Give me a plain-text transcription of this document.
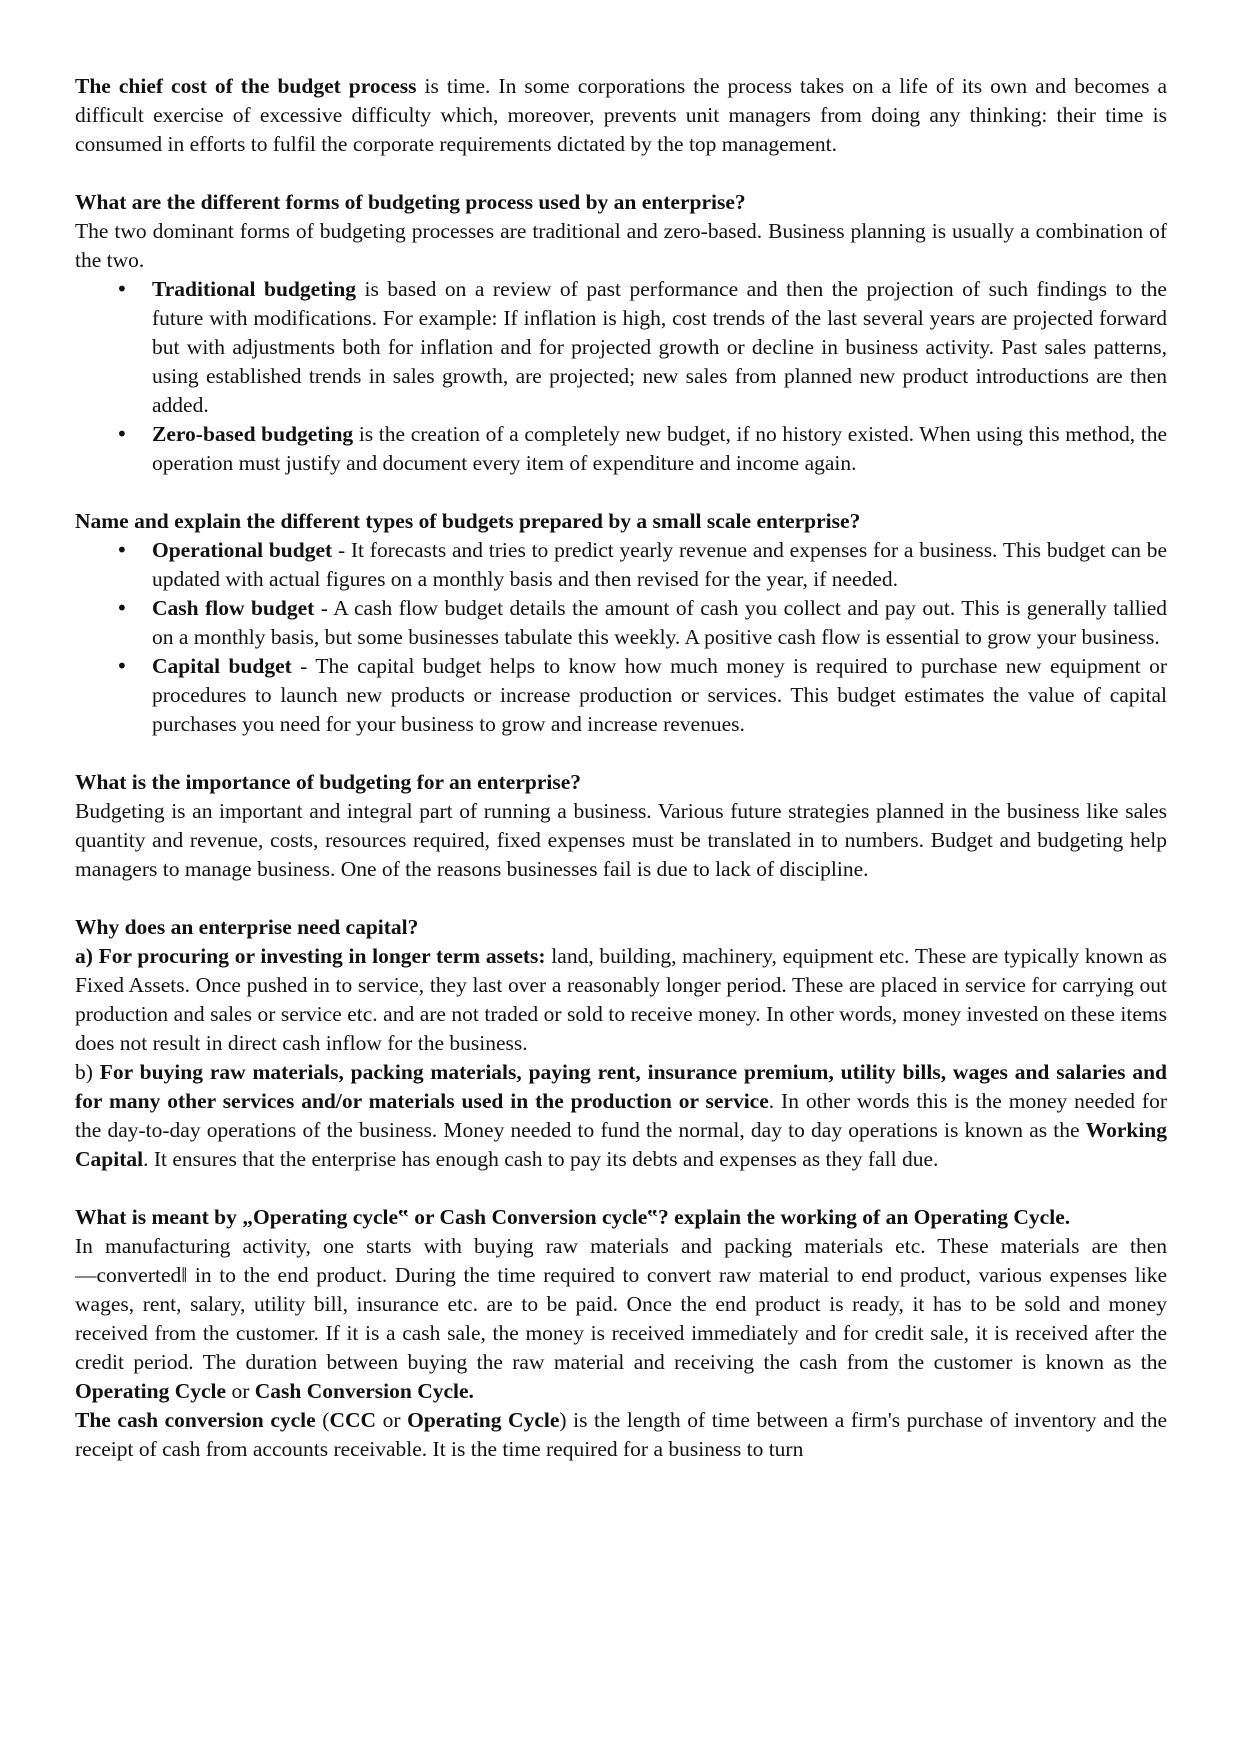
The chief cost of the budget process is time. In some corporations the process takes on a life of its own and becomes a difficult exercise of excessive difficulty which, moreover, prevents unit managers from doing any thinking: their time is consumed in efforts to fulfil the corporate requirements dictated by the top management.

What are the different forms of budgeting process used by an enterprise?

The two dominant forms of budgeting processes are traditional and zero-based. Business planning is usually a combination of the two.

• Traditional budgeting is based on a review of past performance and then the projection of such findings to the future with modifications. For example: If inflation is high, cost trends of the last several years are projected forward but with adjustments both for inflation and for projected growth or decline in business activity. Past sales patterns, using established trends in sales growth, are projected; new sales from planned new product introductions are then added.
• Zero-based budgeting is the creation of a completely new budget, if no history existed. When using this method, the operation must justify and document every item of expenditure and income again.

Name and explain the different types of budgets prepared by a small scale enterprise?

• Operational budget - It forecasts and tries to predict yearly revenue and expenses for a business. This budget can be updated with actual figures on a monthly basis and then revised for the year, if needed.
• Cash flow budget - A cash flow budget details the amount of cash you collect and pay out. This is generally tallied on a monthly basis, but some businesses tabulate this weekly. A positive cash flow is essential to grow your business.
• Capital budget - The capital budget helps to know how much money is required to purchase new equipment or procedures to launch new products or increase production or services. This budget estimates the value of capital purchases you need for your business to grow and increase revenues.

What is the importance of budgeting for an enterprise?

Budgeting is an important and integral part of running a business. Various future strategies planned in the business like sales quantity and revenue, costs, resources required, fixed expenses must be translated in to numbers. Budget and budgeting help managers to manage business. One of the reasons businesses fail is due to lack of discipline.

Why does an enterprise need capital?

a) For procuring or investing in longer term assets: land, building, machinery, equipment etc. These are typically known as Fixed Assets. Once pushed in to service, they last over a reasonably longer period. These are placed in service for carrying out production and sales or service etc. and are not traded or sold to receive money. In other words, money invested on these items does not result in direct cash inflow for the business.

b) For buying raw materials, packing materials, paying rent, insurance premium, utility bills, wages and salaries and for many other services and/or materials used in the production or service. In other words this is the money needed for the day-to-day operations of the business. Money needed to fund the normal, day to day operations is known as the Working Capital. It ensures that the enterprise has enough cash to pay its debts and expenses as they fall due.

What is meant by „Operating cycle‟ or Cash Conversion cycle‟? explain the working of an Operating Cycle.

In manufacturing activity, one starts with buying raw materials and packing materials etc. These materials are then ―converted‖ in to the end product. During the time required to convert raw material to end product, various expenses like wages, rent, salary, utility bill, insurance etc. are to be paid. Once the end product is ready, it has to be sold and money received from the customer. If it is a cash sale, the money is received immediately and for credit sale, it is received after the credit period. The duration between buying the raw material and receiving the cash from the customer is known as the Operating Cycle or Cash Conversion Cycle.

The cash conversion cycle (CCC or Operating Cycle) is the length of time between a firm's purchase of inventory and the receipt of cash from accounts receivable. It is the time required for a business to turn
